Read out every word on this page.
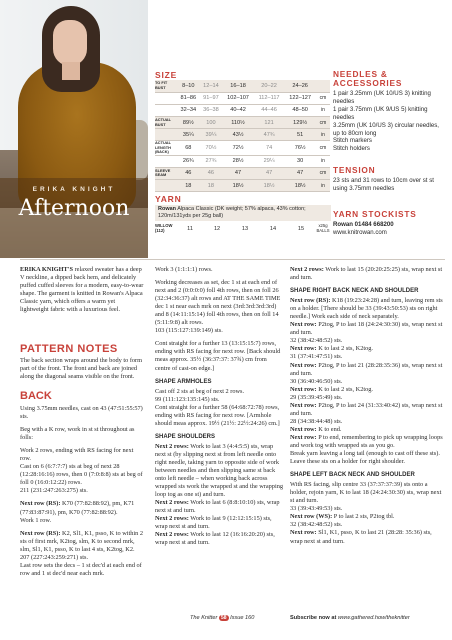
ERIKA KNIGHT
Afternoon
ERIKA KNIGHT'S relaxed sweater has a deep V neckline, a dipped back hem, and delicately puffed cuffed sleeves for a modern, easy-to-wear shape. The garment is knitted in Rowan's Alpaca Classic yarn, which offers a warm yet lightweight fabric with a luxurious feel.
PATTERN NOTES
The back section wraps around the body to form part of the front. The front and back are joined along the diagonal seams visible on the front.
BACK

Using 3.75mm needles, cast on 43 (47:51:55:57) sts.

Beg with a K row, work in st st throughout as folls:

Work 2 rows, ending with RS facing for next row.
Cast on 6 (6:7:7:7) sts at beg of next 28 (12:28:16:16) rows, then 0 (7:0:8:8) sts at beg of foll 0 (16:0:12:22) rows.
211 (231:247:263:275) sts.

Next row (RS): K70 (77:82:88:92), pm, K71 (77:83:87:91), pm, K70 (77:82:88:92).
Work 1 row.

Next row (RS): K2, Sl1, K1, psso, K to within 2 sts of first mrk, K2tog, slm, K to second mrk, slm, Sl1, K1, psso, K to last 4 sts, K2tog, K2.
207 (227:243:259:271) sts.
Last row sets the decs – 1 st dec'd at each end of row and 1 st dec'd near each mrk.

Work 3 (1:1:1:1) rows.

Working decreases as set, dec 1 st at each end of next and 2 (0:0:0:0) foll 4th rows, then on foll 26 (32:34:36:37) alt rows and AT THE SAME TIME dec 1 st near each mrk on next (3rd:3rd:3rd:3rd) and 8 (14:11:15:14) foll 4th rows, then on foll 14 (5:11:9:8) alt rows.

103 (115:127:139:149) sts.

Cont straight for a further 13 (13:15:15:7) rows, ending with RS facing for next row. [Back should meas approx. 35½ (36:37:37: 37¾) cm from centre of cast-on edge.]

SHAPE ARMHOLES

Cast off 2 sts at beg of next 2 rows.
99 (111:123:135:145) sts.
Cont straight for a further 58 (64:68:72:78) rows, ending with RS facing for next row. [Armhole should meas approx. 19½ (21½: 22½:24:26) cm.]

SHAPE SHOULDERS

Next 2 rows: Work to last 3 (4:4:5:5) sts, wrap next st (by slipping next st from left needle onto right needle, taking yarn to opposite side of work between needles and then slipping same st back onto left needle – when working back across wrapped sts work the wrapped st and the wrapping loop tog as one st) and turn.

Next 2 rows: Work to last 6 (8:8:10:10) sts, wrap next st and turn.

Next 2 rows: Work to last 9 (12:12:15:15) sts, wrap next st and turn.

Next 2 rows: Work to last 12 (16:16:20:20) sts, wrap next st and turn.

Next 2 rows: Work to last 15 (20:20:25:25) sts, wrap next st and turn.

SHAPE RIGHT BACK NECK AND SHOULDER

Next row (RS): K18 (19:23:24:28) and turn, leaving rem sts on a holder. [There should be 33 (39:43:50:53) sts on right needle.] Work each side of neck separately.

Next row: P2tog, P to last 18 (24:24:30:30) sts, wrap next st and turn.
32 (38:42:48:52) sts.

Next row: K to last 2 sts, K2tog.
31 (37:41:47:51) sts.

Next row: P2tog, P to last 21 (28:28:35:36) sts, wrap next st and turn.
30 (36:40:46:50) sts.

Next row: K to last 2 sts, K2tog.
29 (35:39:45:49) sts.

Next row: P2tog, P to last 24 (31:33:40:42) sts, wrap next st and turn.
28 (34:38:44:48) sts.

Next row: K to end.

Next row: P to end, remembering to pick up wrapping loops and work tog with wrapped sts as you go.

Break yarn leaving a long tail (enough to cast off these sts). Leave these sts on a holder for right shoulder.

SHAPE LEFT BACK NECK AND SHOULDER

With RS facing, slip centre 33 (37:37:37:39) sts onto a holder, rejoin yarn, K to last 18 (24:24:30:30) sts, wrap next st and turn.
33 (39:43:49:53) sts.

Next row (WS): P to last 2 sts, P2tog tbl.
32 (38:42:48:52) sts.

Next row: Sl1, K1, psso, K to last 21 (28:28: 35:36) sts, wrap next st and turn.

SIZE
TO FIT
BUST	8–10	12–14	16–18	20–22	24–26	
	81–86	91–97	102–107	112–117	122–127	cm
	32–34	36–38	40–42	44–46	48–50	in
ACTUAL
BUST	89½	100	110½	121	129½	cm
	35¼	39¼	43½	47¾	51	in
ACTUAL
LENGTH
(BACK)	68	70½	72½	74	76½	cm
	26¾	27¾	28½	29¼	30	in
SLEEVE
SEAM	46	46	47	47	47	cm
	18	18	18½	18½	18½	in
YARN
Rowan Alpaca Classic (DK weight; 57% alpaca, 43% cotton; 120m/131yds per 25g ball)
WILLOW
(112)	11	12	13	14	15	x25g
BALLS
NEEDLES & ACCESSORIES

1 pair 3.25mm (UK 10/US 3) knitting needles

1 pair 3.75mm (UK 9/US 5) knitting needles

3.25mm (UK 10/US 3) circular needles, up to 80cm long

Stitch markers

Stitch holders

TENSION

23 sts and 31 rows to 10cm over st st using 3.75mm needles

YARN STOCKISTS

Rowan 01484 668200

www.knitrowan.com

The Knitter 58 Issue 160	Subscribe now at www.gathered.how/theknitter
